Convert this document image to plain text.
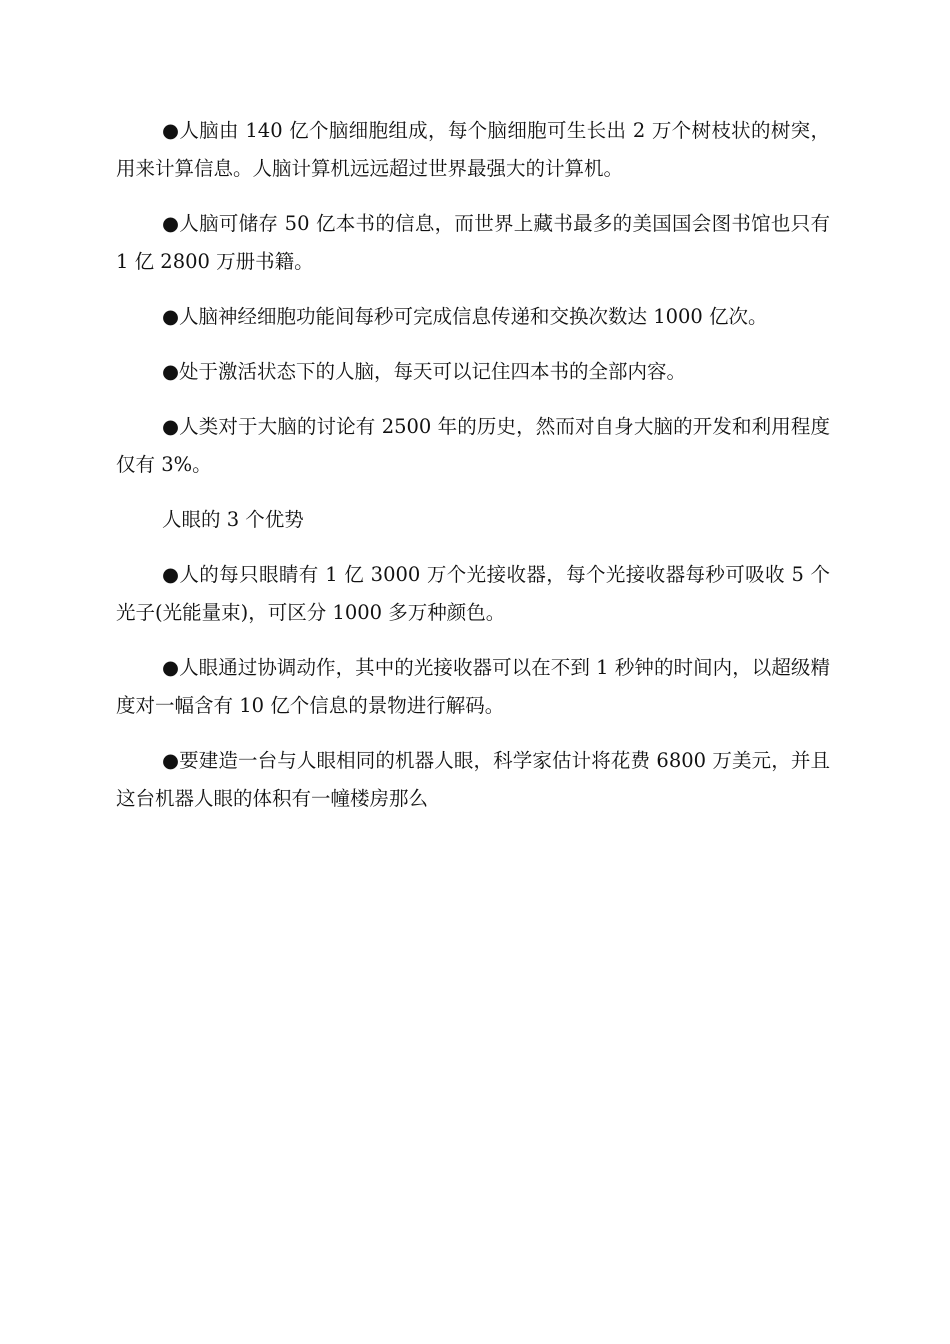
●人脑由 140 亿个脑细胞组成，每个脑细胞可生长出 2 万个树枝状的树突，用来计算信息。人脑计算机远远超过世界最强大的计算机。

●人脑可储存 50 亿本书的信息，而世界上藏书最多的美国国会图书馆也只有 1 亿 2800 万册书籍。

●人脑神经细胞功能间每秒可完成信息传递和交换次数达 1000 亿次。

●处于激活状态下的人脑，每天可以记住四本书的全部内容。

●人类对于大脑的讨论有 2500 年的历史，然而对自身大脑的开发和利用程度仅有 3%。

人眼的 3 个优势

●人的每只眼睛有 1 亿 3000 万个光接收器，每个光接收器每秒可吸收 5 个光子(光能量束)，可区分 1000 多万种颜色。

●人眼通过协调动作，其中的光接收器可以在不到 1 秒钟的时间内，以超级精度对一幅含有 10 亿个信息的景物进行解码。

●要建造一台与人眼相同的机器人眼，科学家估计将花费 6800 万美元，并且这台机器人眼的体积有一幢楼房那么
